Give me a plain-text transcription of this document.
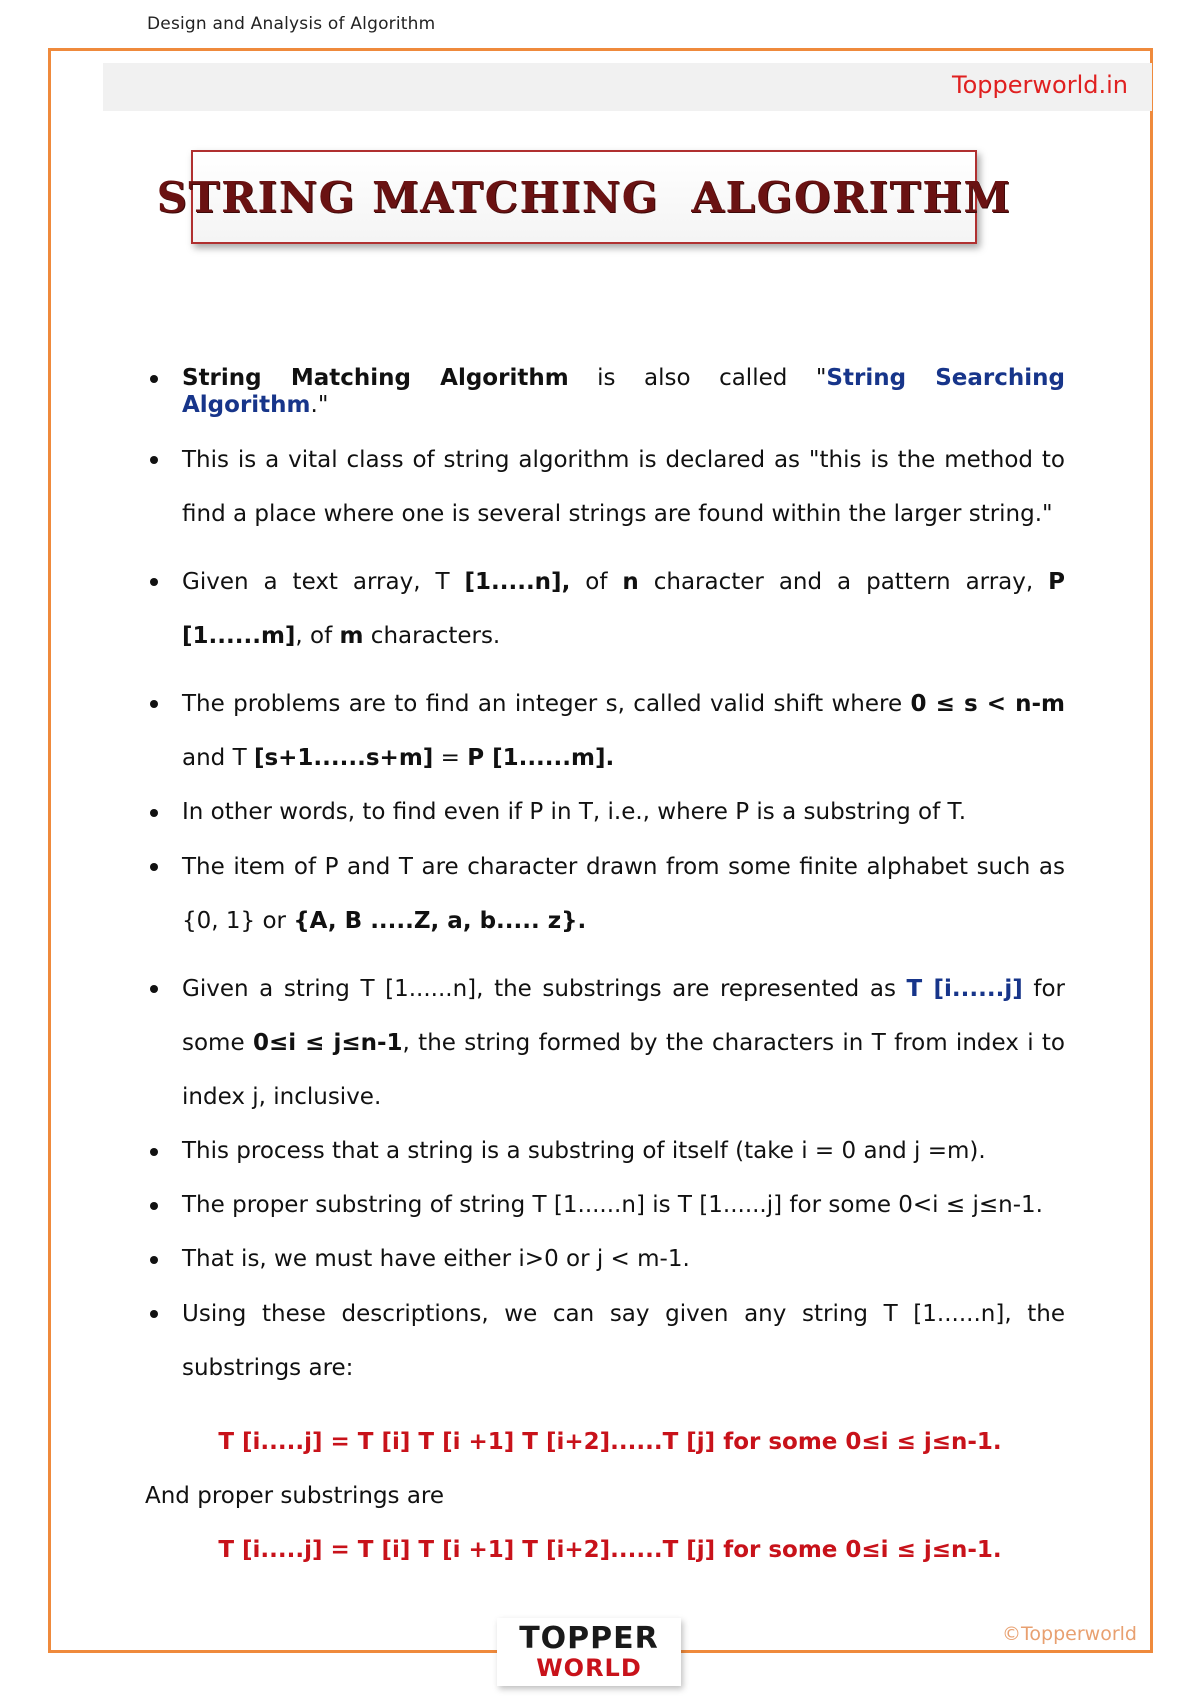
Design and Analysis of Algorithm
Topperworld.in
STRING MATCHING  ALGORITHM
String Matching Algorithm is also called "String Searching Algorithm."
This is a vital class of string algorithm is declared as "this is the method to find a place where one is several strings are found within the larger string."
Given a text array, T [1.....n], of n character and a pattern array, P [1......m], of m characters.
The problems are to find an integer s, called valid shift where 0 ≤ s < n-m and T [s+1......s+m] = P [1......m].
In other words, to find even if P in T, i.e., where P is a substring of T.
The item of P and T are character drawn from some finite alphabet such as {0, 1} or {A, B .....Z, a, b..... z}.
Given a string T [1......n], the substrings are represented as T [i......j] for some 0≤i ≤ j≤n-1, the string formed by the characters in T from index i to index j, inclusive.
This process that a string is a substring of itself (take i = 0 and j =m).
The proper substring of string T [1......n] is T [1......j] for some 0<i ≤ j≤n-1.
That is, we must have either i>0 or j < m-1.
Using these descriptions, we can say given any string T [1......n], the substrings are:

T [i.....j] = T [i] T [i +1] T [i+2]......T [j] for some 0≤i ≤ j≤n-1.

And proper substrings are

T [i.....j] = T [i] T [i +1] T [i+2]......T [j] for some 0≤i ≤ j≤n-1.

TOPPER
WORLD
©Topperworld
